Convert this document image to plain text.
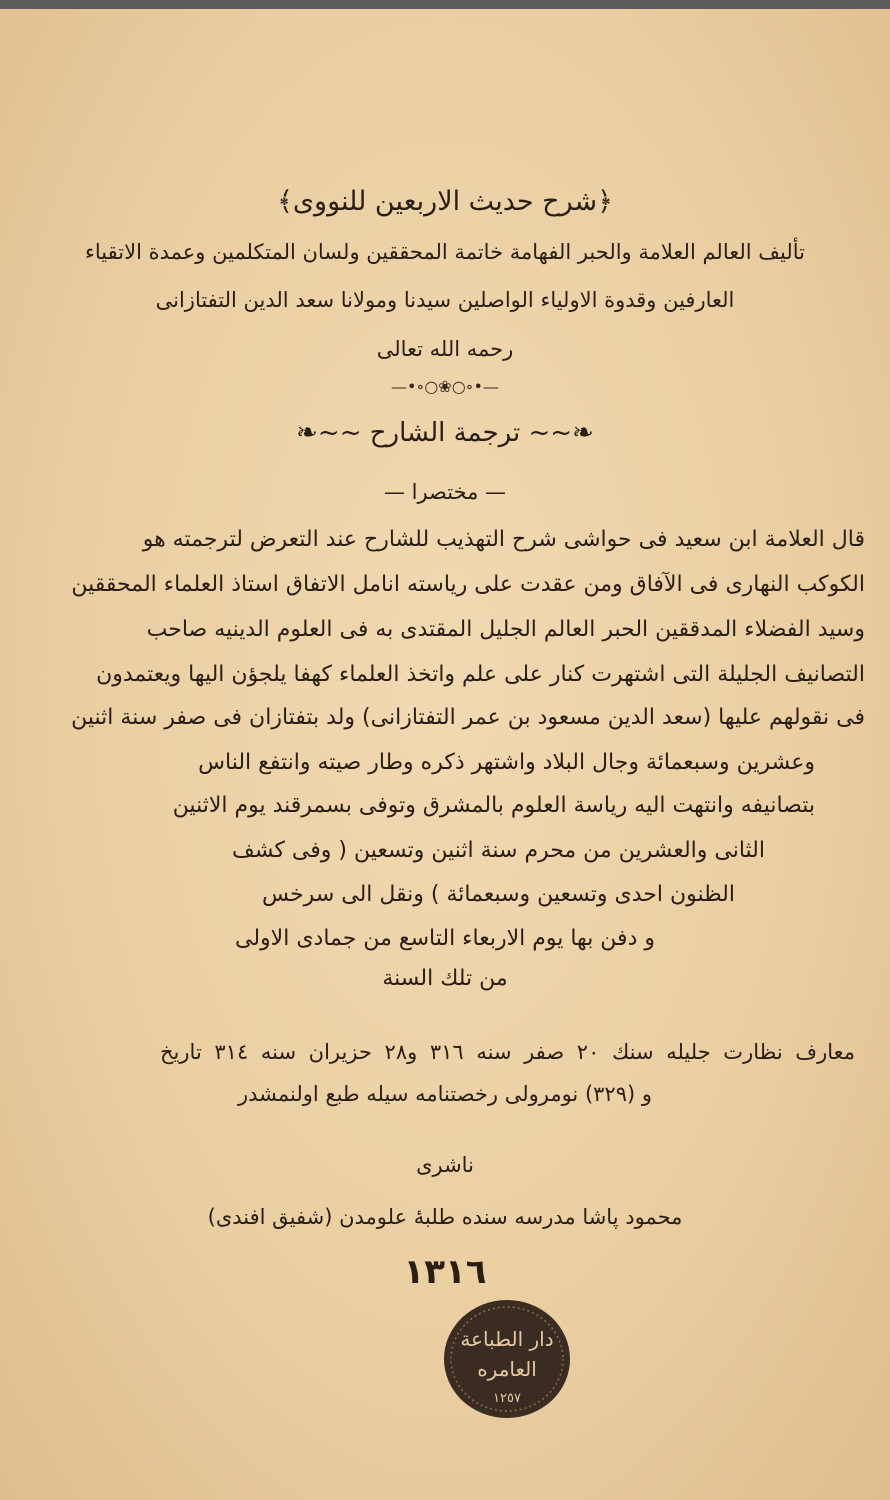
﴿شرح حديث الاربعين للنووى﴾
تأليف العالم العلامة والحبر الفهامة خاتمة المحققين ولسان المتكلمين وعمدة الاتقياء
العارفين وقدوة الاولياء الواصلين سيدنا ومولانا سعد الدين التفتازانى
رحمه الله تعالى
—•∘○❀○∘•—
❧~~ ترجمة الشارح ~~❧
— مختصرا —
قال العلامة ابن سعيد فى حواشى شرح التهذيب للشارح عند التعرض لترجمته هو
الكوكب النهارى فى الآفاق ومن عقدت على رياسته انامل الاتفاق استاذ العلماء المحققين
وسيد الفضلاء المدققين الحبر العالم الجليل المقتدى به فى العلوم الدينيه صاحب
التصانيف الجليلة التى اشتهرت كنار على علم واتخذ العلماء كهفا يلجؤن اليها ويعتمدون
فى نقولهم عليها (سعد الدين مسعود بن عمر التفتازانى) ولد بتفتازان فى صفر سنة اثنين
وعشرين وسبعمائة وجال البلاد واشتهر ذكره وطار صيته وانتفع الناس
بتصانيفه وانتهت اليه رياسة العلوم بالمشرق وتوفى بسمرقند يوم الاثنين
الثانى والعشرين من محرم سنة اثنين وتسعين ( وفى كشف
الظنون احدى وتسعين وسبعمائة ) ونقل الى سرخس
و دفن بها يوم الاربعاء التاسع من جمادى الاولى
من تلك السنة
معارف نظارت جليله سنك ٢٠ صفر سنه ٣١٦ و٢٨ حزيران سنه ٣١٤ تاريخ
و (٣٢٩) نومرولى رخصتنامه سيله طبع اولنمشدر
ناشرى
محمود پاشا مدرسه سنده طلبۀ علومدن (شفيق افندى)
١٣١٦
دار الطباعة
العامره
١٢٥٧
